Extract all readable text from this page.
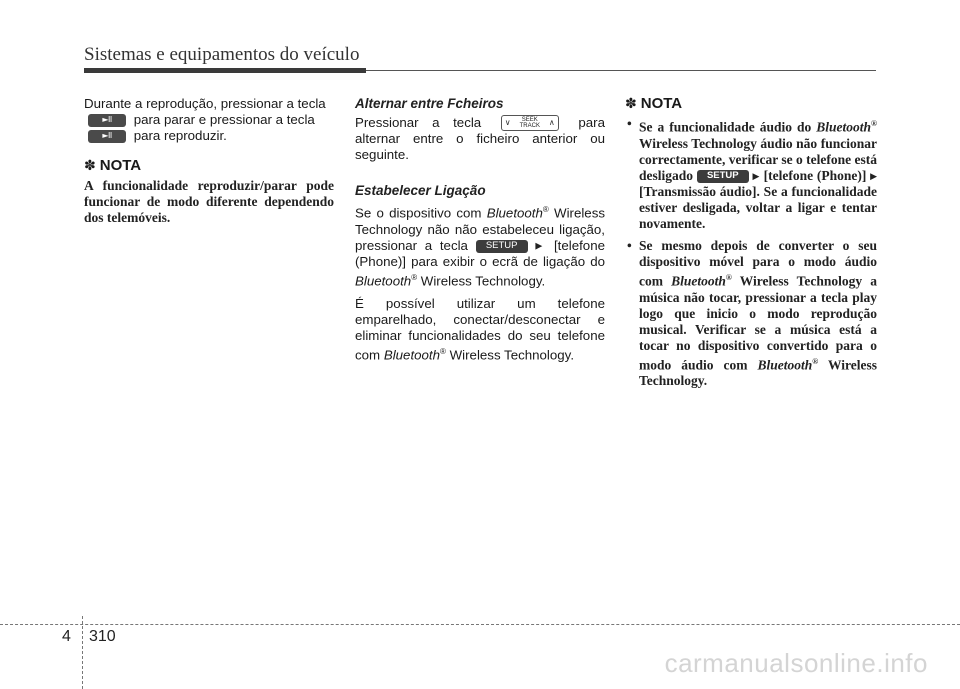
Sistemas e equipamentos do veículo

Durante a reprodução, pressionar a tecla
►II para parar e pressionar a tecla
►II para reproduzir.

✽ NOTA

A funcionalidade reproduzir/parar pode funcionar de modo diferente dependendo dos telemóveis.

Alternar entre Fcheiros

Pressionar a tecla	∨	SEEK
TRACK ∧ para alternar entre o ficheiro anterior ou seguinte.

Estabelecer Ligação

Se o dispositivo com Bluetooth® Wireless Technology não não estabeleceu ligação, pressionar a tecla SETUP ▶ [telefone (Phone)] para exibir o ecrã de ligação do Bluetooth® Wireless Technology.

É possível utilizar um telefone emparelhado, conectar/desconectar e eliminar funcionalidades do seu telefone com Bluetooth® Wireless Technology.

✽ NOTA
• Se a funcionalidade áudio do Bluetooth® Wireless Technology áudio não funcionar correctamente, verificar se o telefone está desligado SETUP ▶ [telefone (Phone)] ▶ [Transmissão áudio]. Se a funcionalidade estiver desligada, voltar a ligar e tentar novamente.
• Se mesmo depois de converter o seu dispositivo móvel para o modo áudio com Bluetooth® Wireless Technology a música não tocar, pressionar a tecla play logo que inicio o modo reprodução musical. Verificar se a música está a tocar no dispositivo convertido para o modo áudio com Bluetooth® Wireless Technology.
4 310
carmanualsonline.info
